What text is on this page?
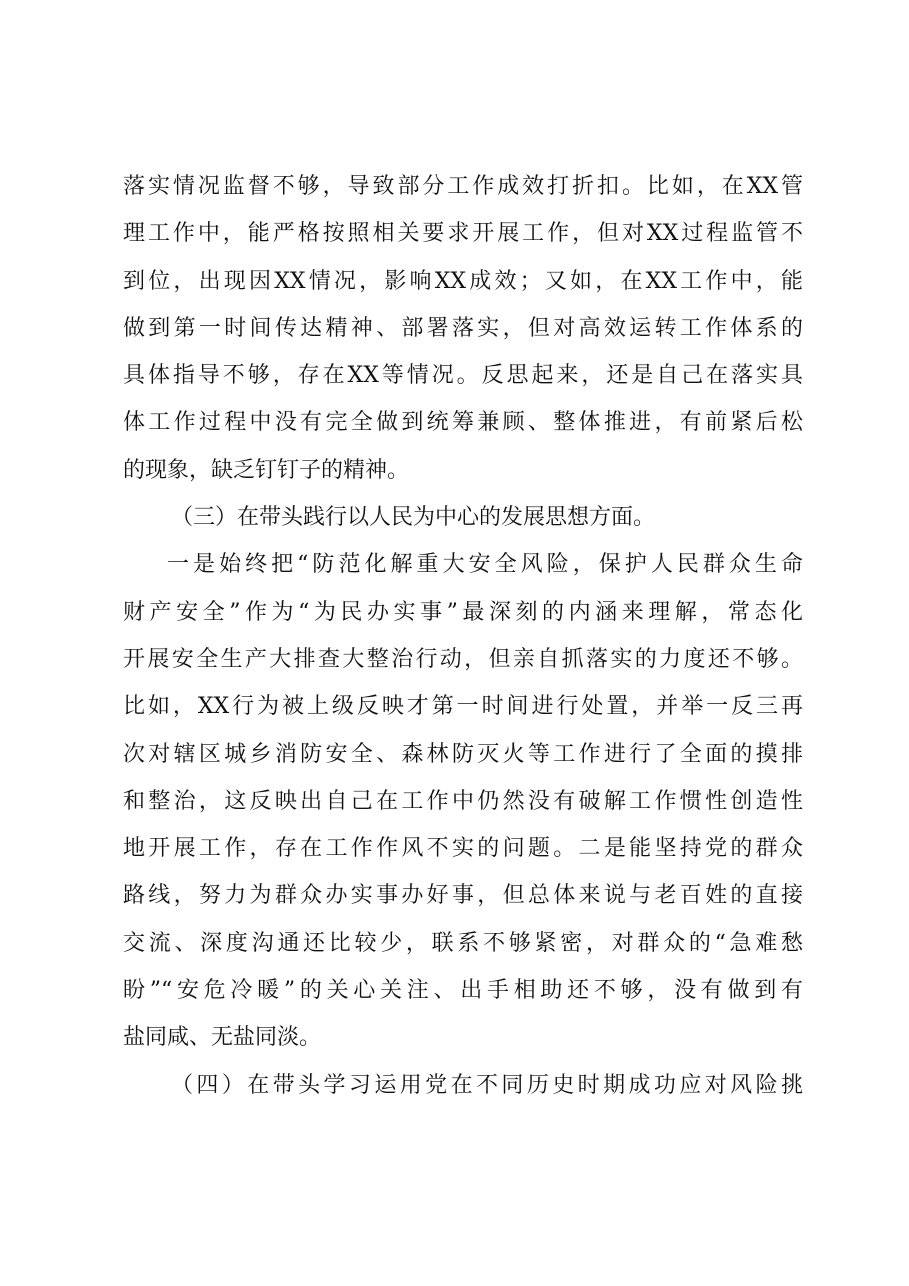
落实情况监督不够，导致部分工作成效打折扣。比如，在XX管
理工作中，能严格按照相关要求开展工作，但对XX过程监管不
到位，出现因XX情况，影响XX成效；又如，在XX工作中，能
做到第一时间传达精神、部署落实，但对高效运转工作体系的
具体指导不够，存在XX等情况。反思起来，还是自己在落实具
体工作过程中没有完全做到统筹兼顾、整体推进，有前紧后松
的现象，缺乏钉钉子的精神。
（三）在带头践行以人民为中心的发展思想方面。
一是始终把“防范化解重大安全风险，保护人民群众生命
财产安全”作为“为民办实事”最深刻的内涵来理解，常态化
开展安全生产大排查大整治行动，但亲自抓落实的力度还不够。
比如，XX行为被上级反映才第一时间进行处置，并举一反三再
次对辖区城乡消防安全、森林防灭火等工作进行了全面的摸排
和整治，这反映出自己在工作中仍然没有破解工作惯性创造性
地开展工作，存在工作作风不实的问题。二是能坚持党的群众
路线，努力为群众办实事办好事，但总体来说与老百姓的直接
交流、深度沟通还比较少，联系不够紧密，对群众的“急难愁
盼”“安危冷暖”的关心关注、出手相助还不够，没有做到有
盐同咸、无盐同淡。
（四）在带头学习运用党在不同历史时期成功应对风险挑
